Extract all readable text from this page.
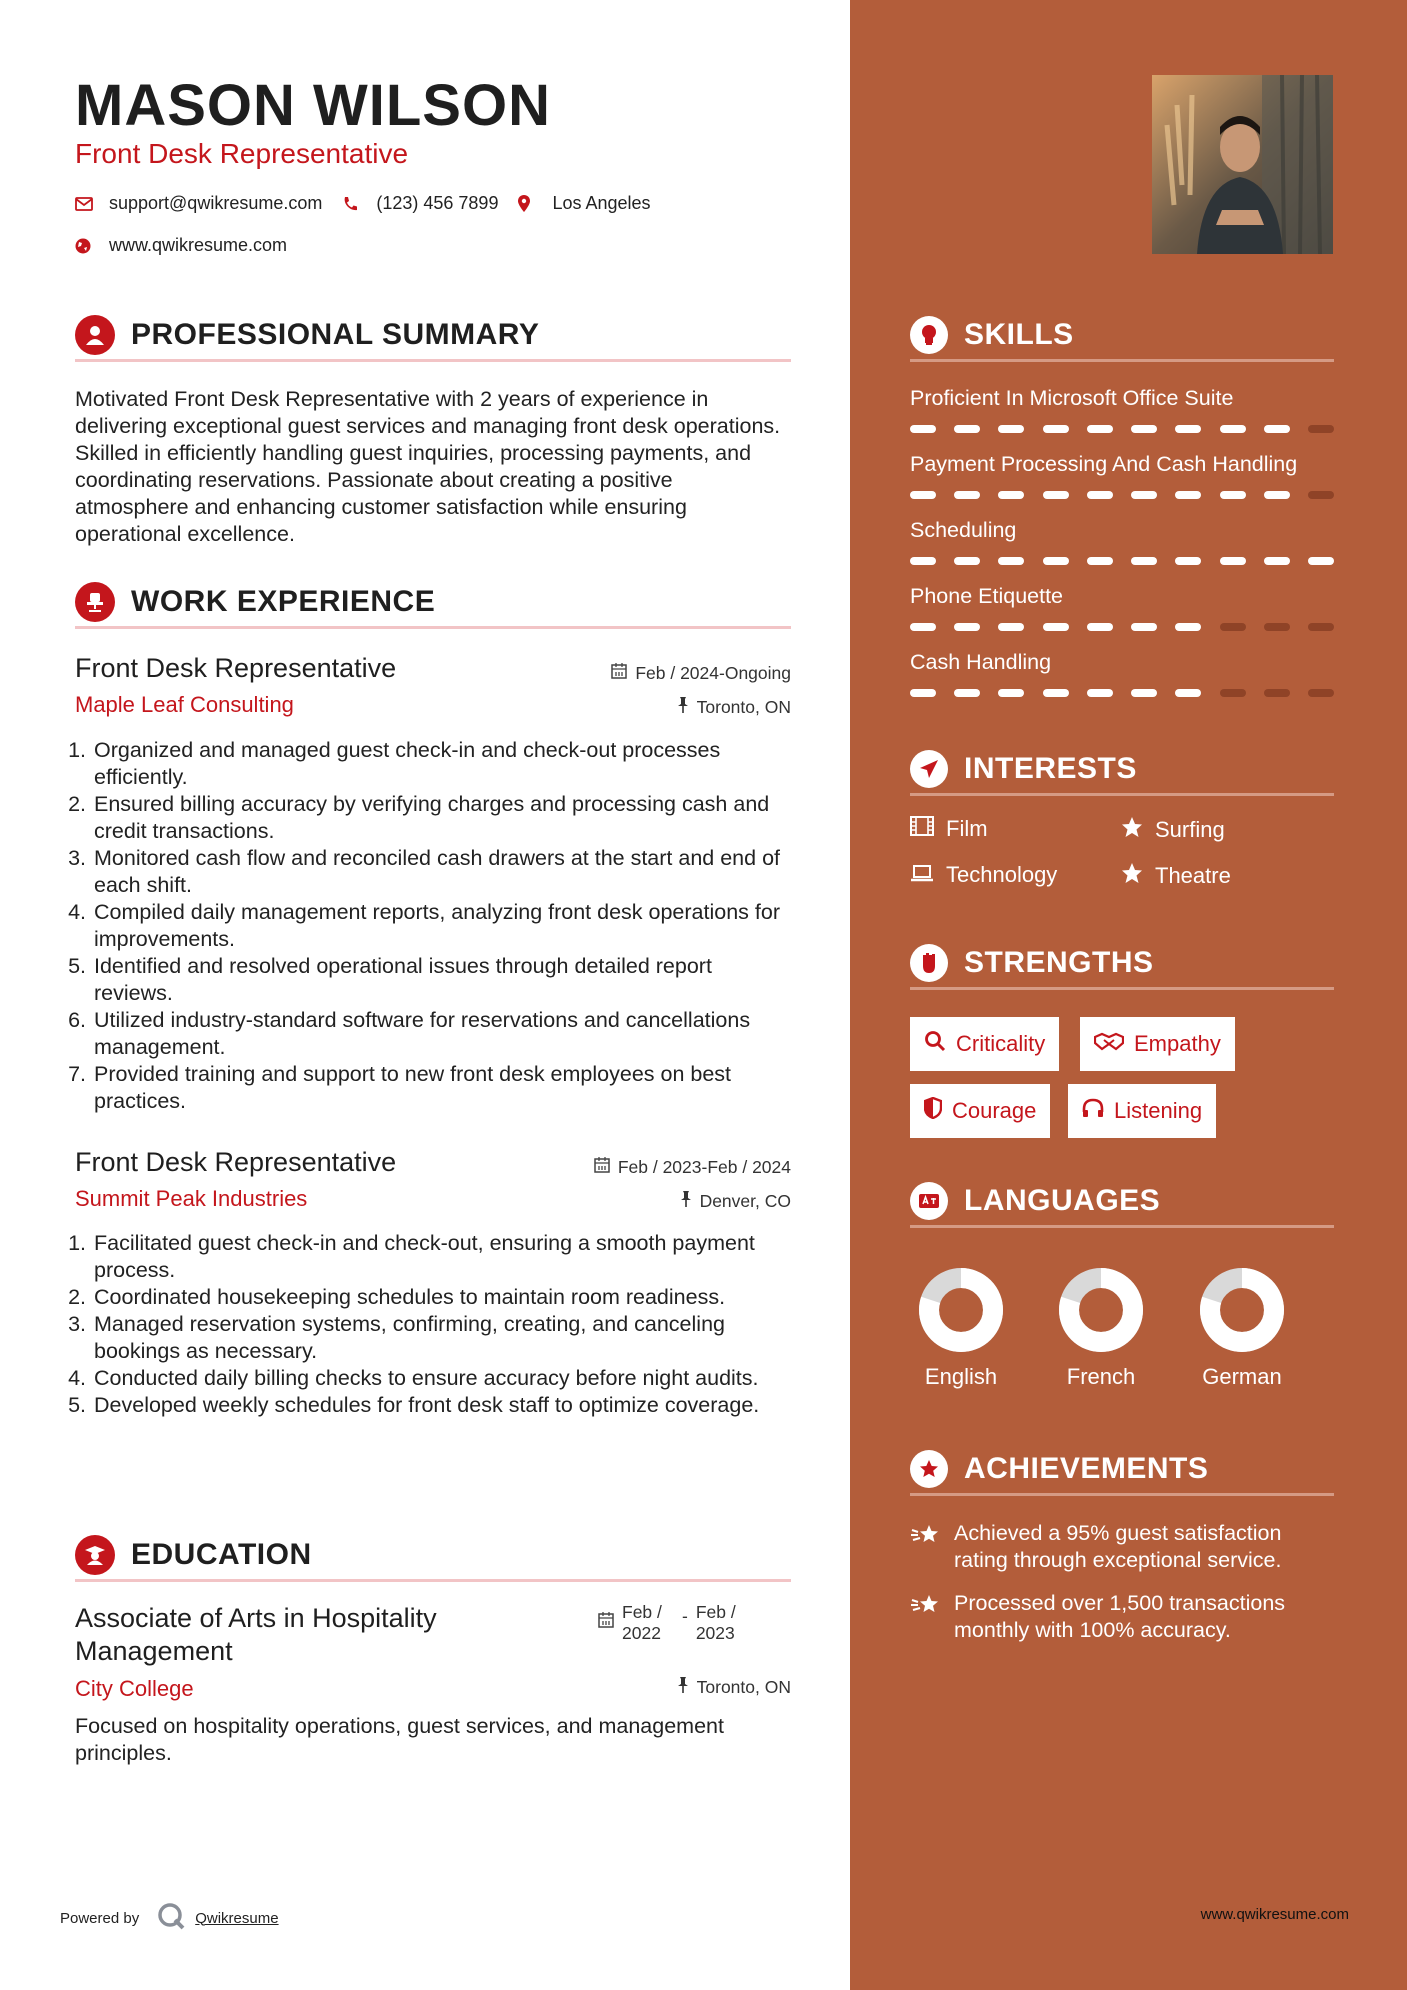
MASON WILSON
Front Desk Representative
support@qwikresume.com	(123) 456 7899	Los Angeles
www.qwikresume.com
PROFESSIONAL SUMMARY
Motivated Front Desk Representative with 2 years of experience in delivering exceptional guest services and managing front desk operations. Skilled in efficiently handling guest inquiries, processing payments, and coordinating reservations. Passionate about creating a positive atmosphere and enhancing customer satisfaction while ensuring operational excellence.
WORK EXPERIENCE
Front Desk Representative	Feb / 2024-Ongoing
Maple Leaf Consulting	Toronto, ON
1. Organized and managed guest check-in and check-out processes efficiently.
2. Ensured billing accuracy by verifying charges and processing cash and credit transactions.
3. Monitored cash flow and reconciled cash drawers at the start and end of each shift.
4. Compiled daily management reports, analyzing front desk operations for improvements.
5. Identified and resolved operational issues through detailed report reviews.
6. Utilized industry-standard software for reservations and cancellations management.
7. Provided training and support to new front desk employees on best practices.
Front Desk Representative	Feb / 2023-Feb / 2024
Summit Peak Industries	Denver, CO
1. Facilitated guest check-in and check-out, ensuring a smooth payment process.
2. Coordinated housekeeping schedules to maintain room readiness.
3. Managed reservation systems, confirming, creating, and canceling bookings as necessary.
4. Conducted daily billing checks to ensure accuracy before night audits.
5. Developed weekly schedules for front desk staff to optimize coverage.
EDUCATION
Associate of Arts in Hospitality Management
Feb / 2022
- Feb / 2023
City College	Toronto, ON
Focused on hospitality operations, guest services, and management principles.
SKILLS
Proficient In Microsoft Office Suite
Payment Processing And Cash Handling
Scheduling
Phone Etiquette
Cash Handling
INTERESTS
Film	Surfing
Technology	Theatre
STRENGTHS
Criticality	Empathy
Courage	Listening
LANGUAGES
English	French	German
ACHIEVEMENTS
Achieved a 95% guest satisfaction rating through exceptional service.
Processed over 1,500 transactions monthly with 100% accuracy.
Powered by	Qwikresume	www.qwikresume.com
